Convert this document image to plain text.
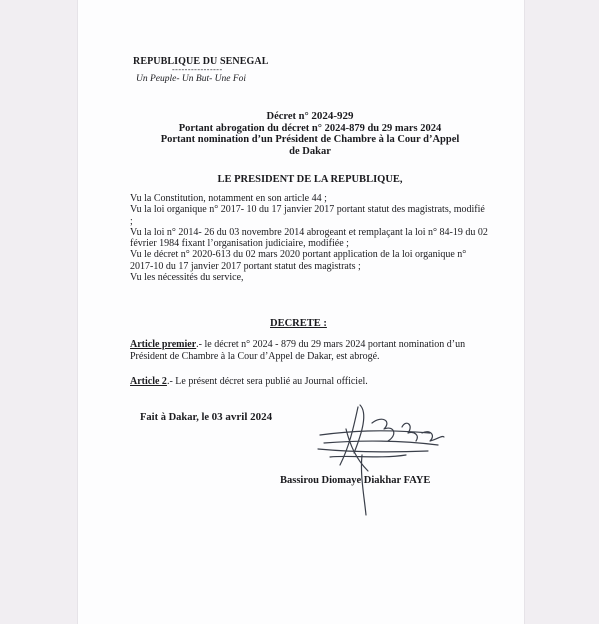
REPUBLIQUE DU SENEGAL
----------------
Un Peuple- Un But- Une Foi
Décret n° 2024-929
Portant abrogation du décret n° 2024-879 du 29 mars 2024
Portant nomination d’un Président de Chambre à la Cour d’Appel
de Dakar
LE PRESIDENT DE LA REPUBLIQUE,
Vu la Constitution, notamment en son article 44 ;
Vu la loi organique n° 2017- 10 du 17 janvier 2017 portant statut des magistrats, modifié ;
Vu la loi n° 2014- 26 du 03 novembre 2014 abrogeant et remplaçant la loi n° 84-19 du 02 février 1984 fixant l’organisation judiciaire, modifiée ;
Vu le décret n° 2020-613 du 02 mars 2020 portant application de la loi organique n° 2017-10 du 17 janvier 2017 portant statut des magistrats ;
Vu les nécessités du service,
DECRETE :
Article premier.- le décret n° 2024 - 879 du 29 mars 2024 portant nomination d’un Président de Chambre à la Cour d’Appel de Dakar, est abrogé.
Article 2.- Le présent décret sera publié au Journal officiel.
Fait à Dakar, le 03 avril 2024
Bassirou Diomaye Diakhar FAYE
